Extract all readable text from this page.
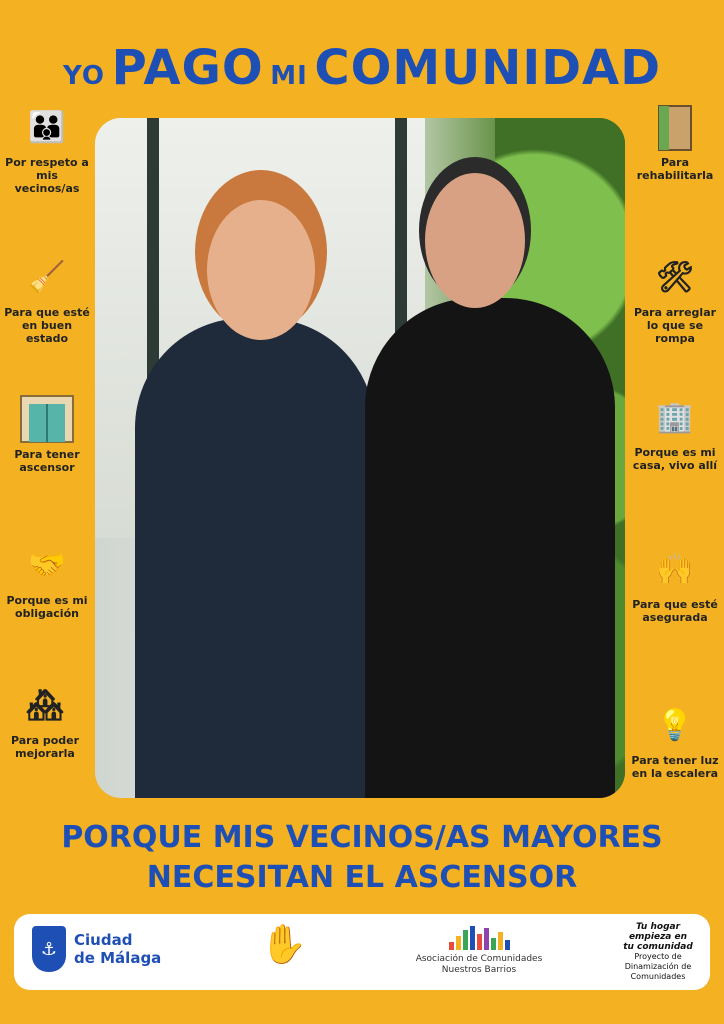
YO PAGO MI COMUNIDAD
👪
Por respeto a mis vecinos/as
🧹
Para que esté en buen estado
Para tener ascensor
🤝
Porque es mi obligación
🏘
Para poder mejorarla
Para rehabilitarla
🛠
Para arreglar lo que se rompa
🏢
Porque es mi casa, vivo allí
🙌
Para que esté asegurada
💡
Para tener luz en la escalera
PORQUE MIS VECINOS/AS MAYORES
NECESITAN EL ASCENSOR
⚓	Ciudad
de Málaga	✋	Asociación de Comunidades
Nuestros Barrios
Tu hogar
empieza en
tu comunidad
Proyecto de Dinamización de Comunidades
